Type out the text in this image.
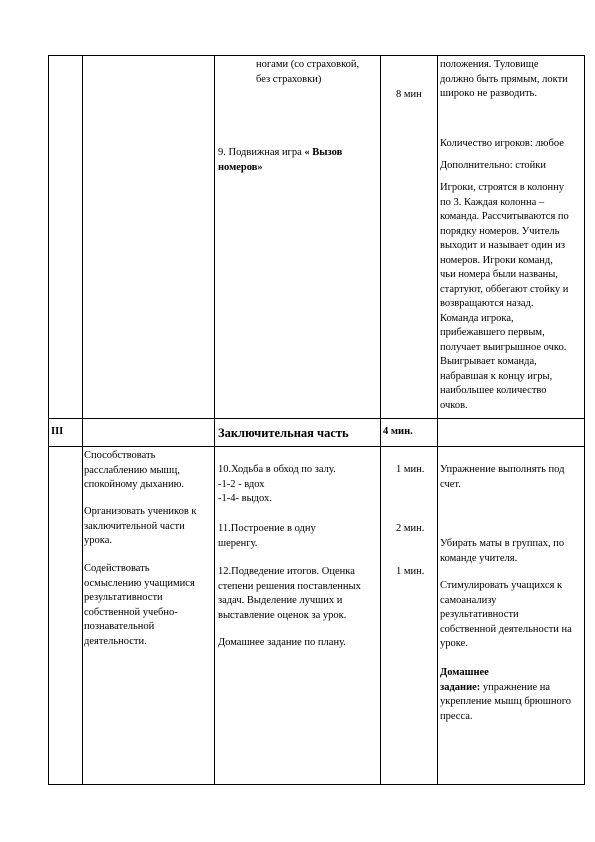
ногами (со страховкой,
без страховки)
8 мин
положения. Туловище
должно быть прямым, локти
широкo не разводить.
9. Подвижная игра « Вызов
номеров»
Количество игроков: любое
Дополнительно: стойки
Игроки, строятся в колонну
по 3. Каждая колонна –
команда. Рассчитываются по
порядку номеров. Учитель
выходит и называет один из
номеров. Игроки команд,
чьи номера были названы,
стартуют, оббегают стойку и
возвращаются назад.
Команда игрока,
прибежавшего первым,
получает выигрышное очко.
Выигрывает команда,
набравшая к концу игры,
наибольшее количество
очков.
III	Заключительная часть	4 мин.
Способствовать
расслаблению мышц,
спокойному дыханию.
Организовать учеников к
заключительной части
урока.
Содействовать
осмыслению учащимися
результативности
собственной учебно-
познавательной
деятельности.
10.Ходьба в обход по залу.
-1-2 - вдох
-1-4- выдох.
11.Построение в одну
шеренгу.
12.Подведение итогов. Оценка
степени решения поставленных
задач. Выделение лучших и
выставление оценок за урок.
Домашнее задание по плану.
1 мин.
2 мин.
1 мин.
Упражнение выполнять под
счет.
Убирать маты в группах, по
команде учителя.
Стимулировать учащихся к
самоанализу
результативности
собственной деятельности на
уроке.
Домашнее
задание: упражнение на
укрепление мышц брюшного
пресса.
